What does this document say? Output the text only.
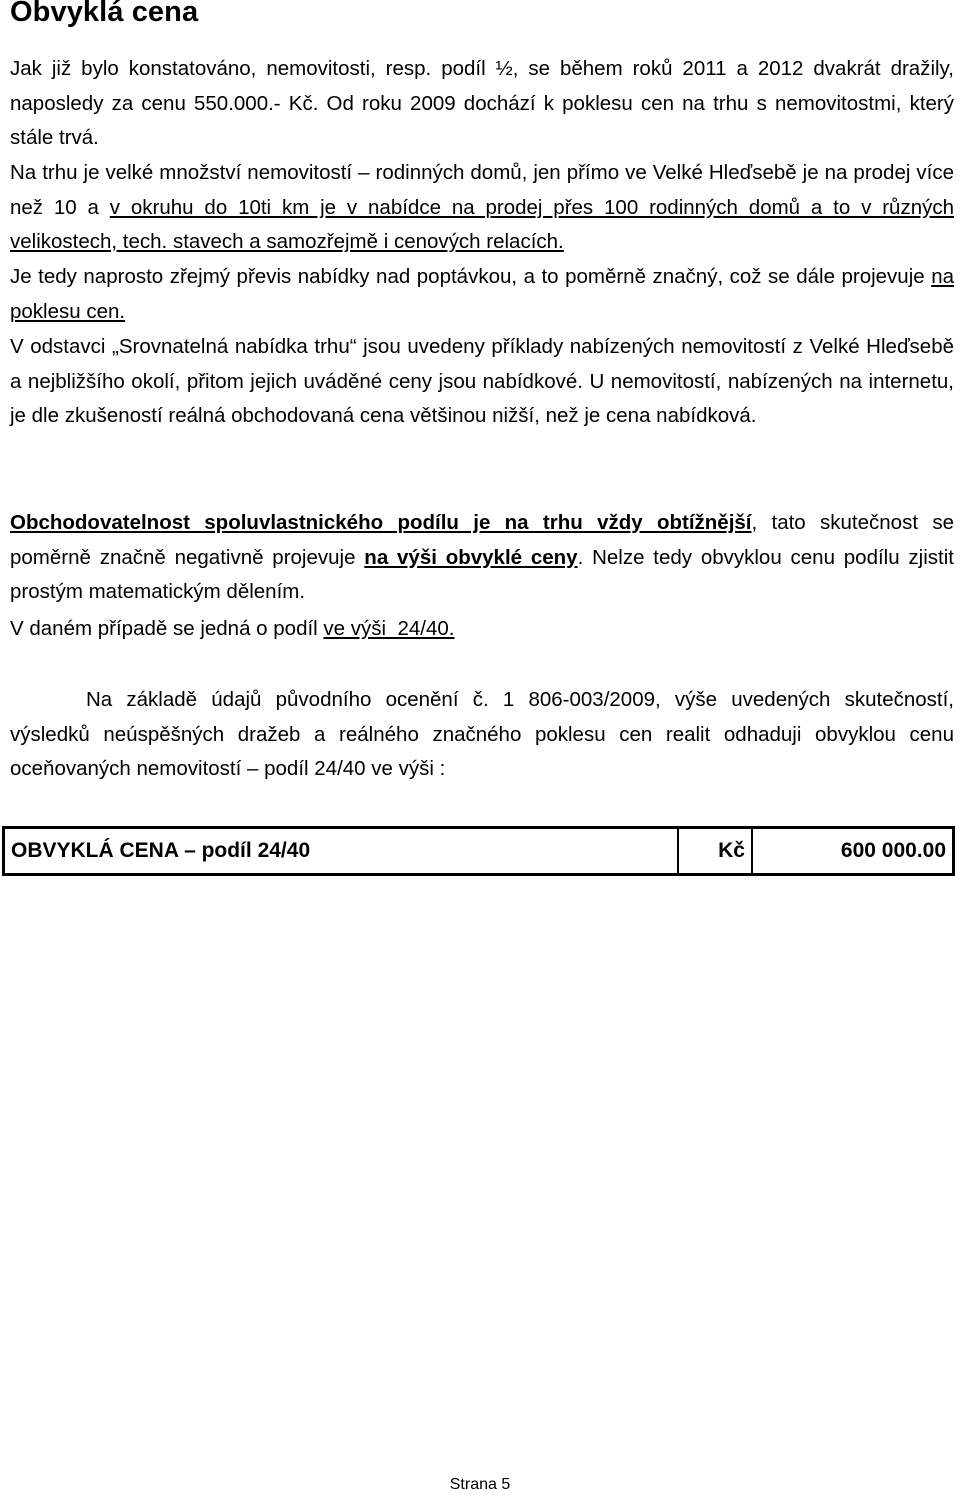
Obvyklá cena

Jak již bylo konstatováno, nemovitosti, resp. podíl ½, se během roků 2011 a 2012 dvakrát dražily, naposledy za cenu 550.000.- Kč. Od roku 2009 dochází k poklesu cen na trhu s nemovitostmi, který stále trvá.

Na trhu je velké množství nemovitostí – rodinných domů, jen přímo ve Velké Hleďsebě je na prodej více než 10 a v okruhu do 10ti km je v nabídce na prodej přes 100 rodinných domů a to v různých velikostech, tech. stavech a samozřejmě i cenových relacích.

Je tedy naprosto zřejmý převis nabídky nad poptávkou, a to poměrně značný, což se dále projevuje na poklesu cen.

V odstavci „Srovnatelná nabídka trhu“ jsou uvedeny příklady nabízených nemovitostí z Velké Hleďsebě a nejbližšího okolí, přitom jejich uváděné ceny jsou nabídkové. U nemovitostí, nabízených na internetu, je dle zkušeností reálná obchodovaná cena většinou nižší, než je cena nabídková.

Obchodovatelnost spoluvlastnického podílu je na trhu vždy obtížnější, tato skutečnost se poměrně značně negativně projevuje na výši obvyklé ceny. Nelze tedy obvyklou cenu podílu zjistit prostým matematickým dělením.

V daném případě se jedná o podíl ve výši  24/40.

Na základě údajů původního ocenění č. 1 806-003/2009, výše uvedených skutečností, výsledků neúspěšných dražeb a reálného značného poklesu cen realit odhaduji obvyklou cenu oceňovaných nemovitostí – podíl 24/40 ve výši :

OBVYKLÁ CENA – podíl 24/40	Kč	600 000.00
Strana 5
